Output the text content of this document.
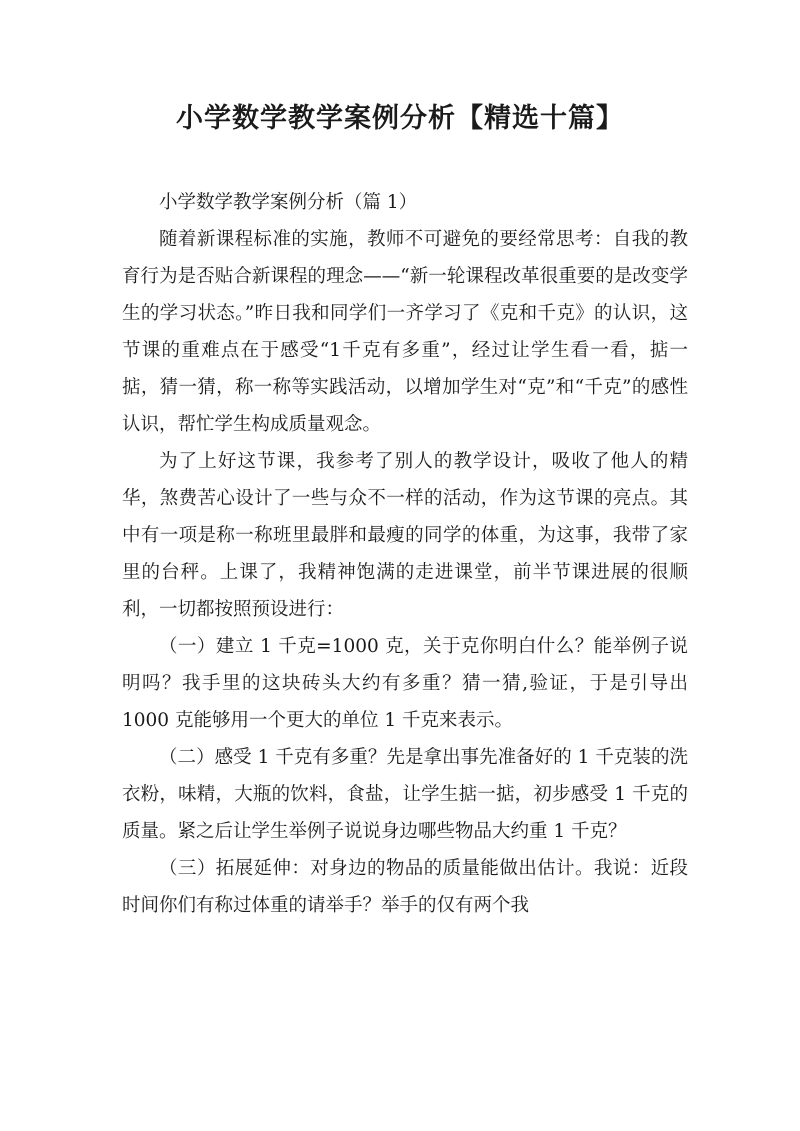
小学数学教学案例分析【精选十篇】

小学数学教学案例分析（篇 1）

随着新课程标准的实施，教师不可避免的要经常思考：自我的教育行为是否贴合新课程的理念——“新一轮课程改革很重要的是改变学生的学习状态。”昨日我和同学们一齐学习了《克和千克》的认识，这节课的重难点在于感受“1千克有多重”，经过让学生看一看，掂一掂，猜一猜，称一称等实践活动，以增加学生对“克”和“千克”的感性认识，帮忙学生构成质量观念。

为了上好这节课，我参考了别人的教学设计，吸收了他人的精华，煞费苦心设计了一些与众不一样的活动，作为这节课的亮点。其中有一项是称一称班里最胖和最瘦的同学的体重，为这事，我带了家里的台秤。上课了，我精神饱满的走进课堂，前半节课进展的很顺利，一切都按照预设进行：

（一）建立 1 千克=1000 克，关于克你明白什么？能举例子说明吗？我手里的这块砖头大约有多重？猜一猜,验证，于是引导出 1000 克能够用一个更大的单位 1 千克来表示。

（二）感受 1 千克有多重？先是拿出事先准备好的 1 千克装的洗衣粉，味精，大瓶的饮料，食盐，让学生掂一掂，初步感受 1 千克的质量。紧之后让学生举例子说说身边哪些物品大约重 1 千克？

（三）拓展延伸：对身边的物品的质量能做出估计。我说：近段时间你们有称过体重的请举手？举手的仅有两个我
